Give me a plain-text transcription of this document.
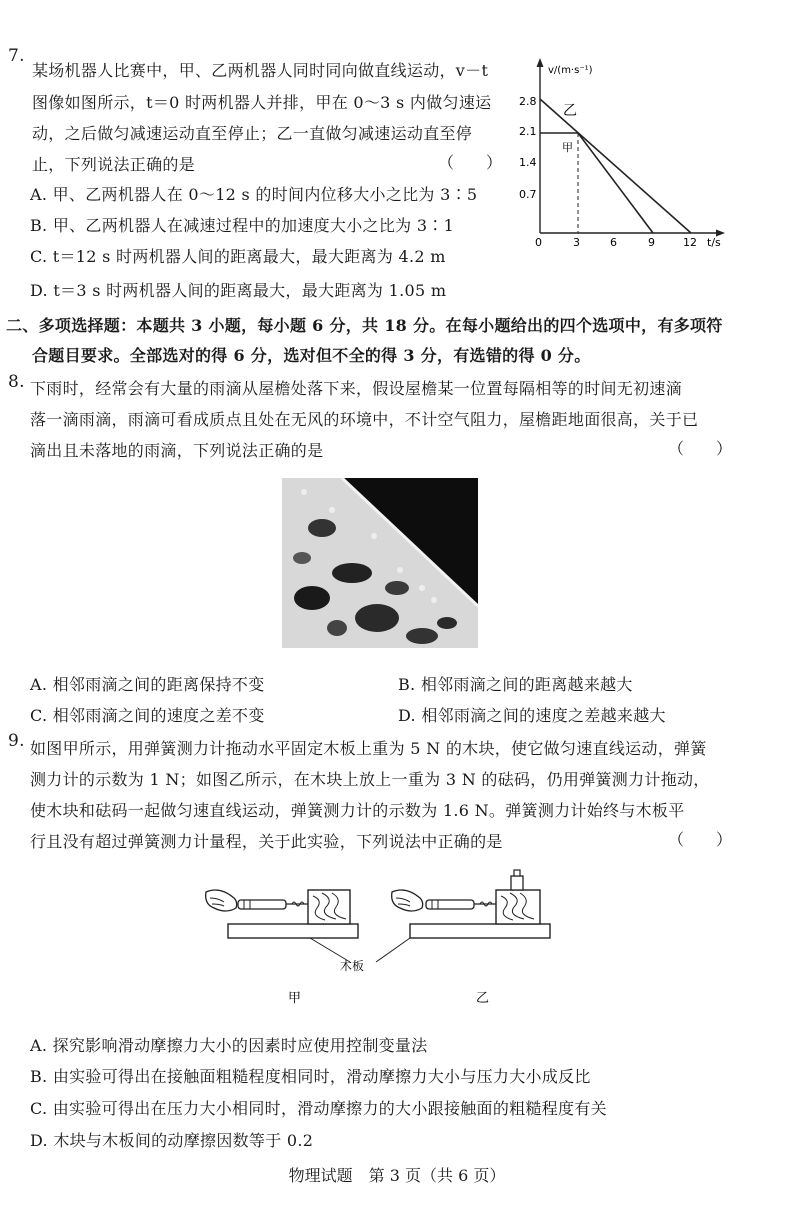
7.
某场机器人比赛中，甲、乙两机器人同时同向做直线运动，v－t
图像如图所示，t＝0 时两机器人并排，甲在 0～3 s 内做匀速运
动，之后做匀减速运动直至停止；乙一直做匀减速运动直至停
止，下列说法正确的是	（　　）
A. 甲、乙两机器人在 0～12 s 的时间内位移大小之比为 3∶5
B. 甲、乙两机器人在减速过程中的加速度大小之比为 3∶1
C. t＝12 s 时两机器人间的距离最大，最大距离为 4.2 m
D. t＝3 s 时两机器人间的距离最大，最大距离为 1.05 m
v/(m·s⁻¹)
t/s
2.8
2.1
1.4
0.7
0	3	6	9	12
乙
甲
二、多项选择题：本题共 3 小题，每小题 6 分，共 18 分。在每小题给出的四个选项中，有多项符
合题目要求。全部选对的得 6 分，选对但不全的得 3 分，有选错的得 0 分。
8. 下雨时，经常会有大量的雨滴从屋檐处落下来，假设屋檐某一位置每隔相等的时间无初速滴
落一滴雨滴，雨滴可看成质点且处在无风的环境中，不计空气阻力，屋檐距地面很高，关于已
滴出且未落地的雨滴，下列说法正确的是	（　　）
A. 相邻雨滴之间的距离保持不变	B. 相邻雨滴之间的距离越来越大
C. 相邻雨滴之间的速度之差不变	D. 相邻雨滴之间的速度之差越来越大
9. 如图甲所示，用弹簧测力计拖动水平固定木板上重为 5 N 的木块，使它做匀速直线运动，弹簧
测力计的示数为 1 N；如图乙所示，在木块上放上一重为 3 N 的砝码，仍用弹簧测力计拖动，
使木块和砝码一起做匀速直线运动，弹簧测力计的示数为 1.6 N。弹簧测力计始终与木板平
行且没有超过弹簧测力计量程，关于此实验，下列说法中正确的是	（　　）
木板
甲	乙
A. 探究影响滑动摩擦力大小的因素时应使用控制变量法
B. 由实验可得出在接触面粗糙程度相同时，滑动摩擦力大小与压力大小成反比
C. 由实验可得出在压力大小相同时，滑动摩擦力的大小跟接触面的粗糙程度有关
D. 木块与木板间的动摩擦因数等于 0.2
物理试题　第 3 页（共 6 页）
